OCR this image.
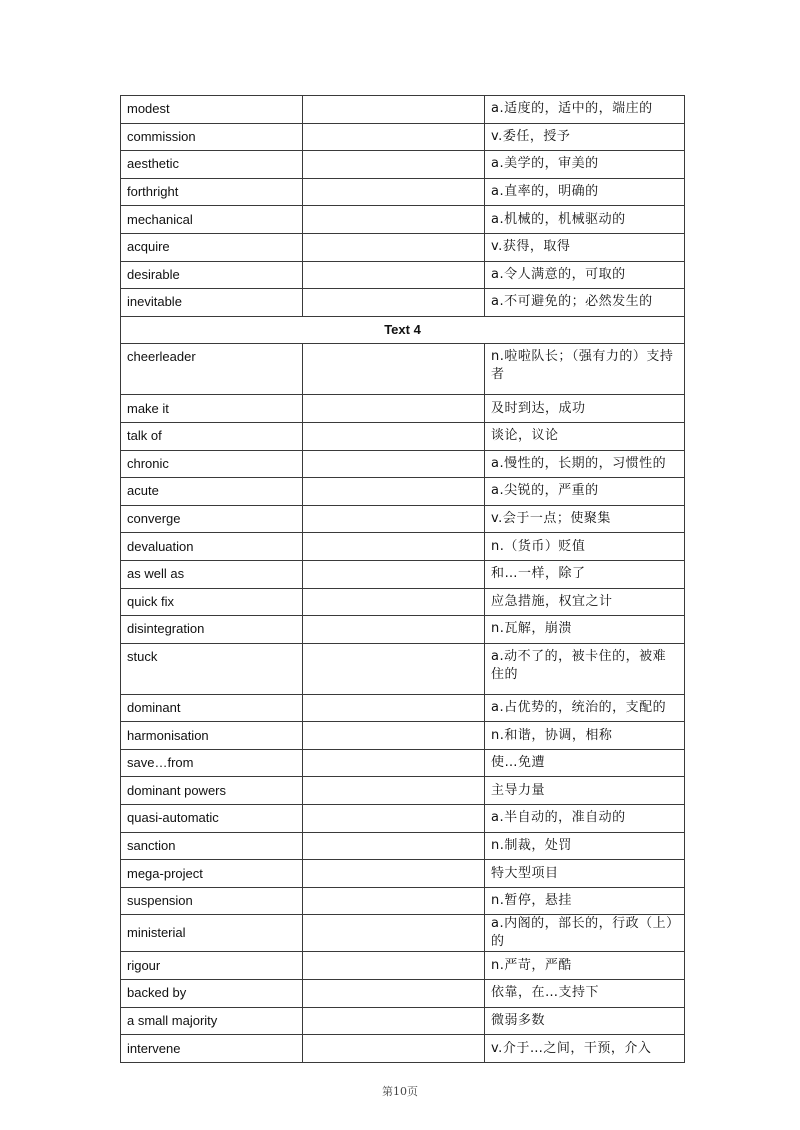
modest		a.适度的，适中的，端庄的
commission		v.委任，授予
aesthetic		a.美学的，审美的
forthright		a.直率的，明确的
mechanical		a.机械的，机械驱动的
acquire		v.获得，取得
desirable		a.令人满意的，可取的
inevitable		a.不可避免的；必然发生的
Text 4		
cheerleader		n.啦啦队长；（强有力的）支持者
make it		及时到达，成功
talk of		谈论，议论
chronic		a.慢性的，长期的，习惯性的
acute		a.尖锐的，严重的
converge		v.会于一点；使聚集
devaluation		n.（货币）贬值
as well as		和…一样，除了
quick fix		应急措施，权宜之计
disintegration		n.瓦解，崩溃
stuck		a.动不了的，被卡住的，被难住的
dominant		a.占优势的，统治的，支配的
harmonisation		n.和谐，协调，相称
save…from		使…免遭
dominant powers		主导力量
quasi-automatic		a.半自动的，准自动的
sanction		n.制裁，处罚
mega-project		特大型项目
suspension		n.暂停，悬挂
ministerial		a.内阁的，部长的，行政（上）的
rigour		n.严苛，严酷
backed by		依靠，在…支持下
a small majority		微弱多数
intervene		v.介于…之间，干预，介入
第10页
